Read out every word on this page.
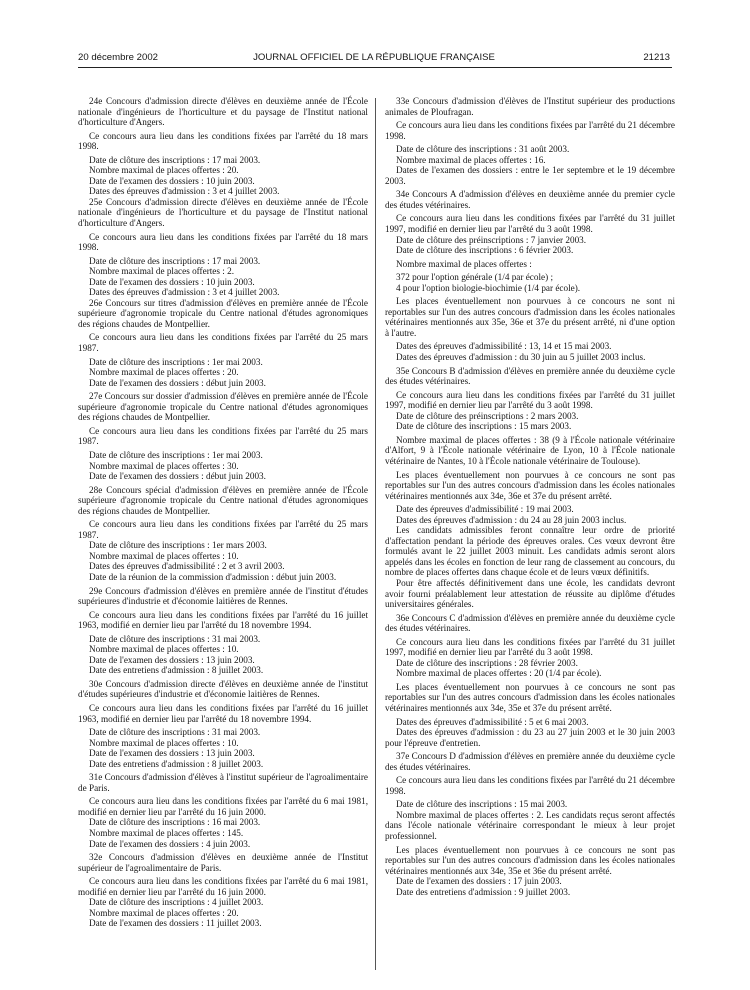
20 décembre 2002	JOURNAL OFFICIEL DE LA RÉPUBLIQUE FRANÇAISE	21213

24e Concours d'admission directe d'élèves en deuxième année de l'École nationale d'ingénieurs de l'horticulture et du paysage de l'Institut national d'horticulture d'Angers.

Ce concours aura lieu dans les conditions fixées par l'arrêté du 18 mars 1998.

Date de clôture des inscriptions : 17 mai 2003.

Nombre maximal de places offertes : 20.

Date de l'examen des dossiers : 10 juin 2003.

Dates des épreuves d'admission : 3 et 4 juillet 2003.

25e Concours d'admission directe d'élèves en deuxième année de l'École nationale d'ingénieurs de l'horticulture et du paysage de l'Institut national d'horticulture d'Angers.

Ce concours aura lieu dans les conditions fixées par l'arrêté du 18 mars 1998.

Date de clôture des inscriptions : 17 mai 2003.

Nombre maximal de places offertes : 2.

Date de l'examen des dossiers : 10 juin 2003.

Dates des épreuves d'admission : 3 et 4 juillet 2003.

26e Concours sur titres d'admission d'élèves en première année de l'École supérieure d'agronomie tropicale du Centre national d'études agronomiques des régions chaudes de Montpellier.

Ce concours aura lieu dans les conditions fixées par l'arrêté du 25 mars 1987.

Date de clôture des inscriptions : 1er mai 2003.

Nombre maximal de places offertes : 20.

Date de l'examen des dossiers : début juin 2003.

27e Concours sur dossier d'admission d'élèves en première année de l'École supérieure d'agronomie tropicale du Centre national d'études agronomiques des régions chaudes de Montpellier.

Ce concours aura lieu dans les conditions fixées par l'arrêté du 25 mars 1987.

Date de clôture des inscriptions : 1er mai 2003.

Nombre maximal de places offertes : 30.

Date de l'examen des dossiers : début juin 2003.

28e Concours spécial d'admission d'élèves en première année de l'École supérieure d'agronomie tropicale du Centre national d'études agronomiques des régions chaudes de Montpellier.

Ce concours aura lieu dans les conditions fixées par l'arrêté du 25 mars 1987.

Date de clôture des inscriptions : 1er mars 2003.

Nombre maximal de places offertes : 10.

Dates des épreuves d'admissibilité : 2 et 3 avril 2003.

Date de la réunion de la commission d'admission : début juin 2003.

29e Concours d'admission d'élèves en première année de l'institut d'études supérieures d'industrie et d'économie laitières de Rennes.

Ce concours aura lieu dans les conditions fixées par l'arrêté du 16 juillet 1963, modifié en dernier lieu par l'arrêté du 18 novembre 1994.

Date de clôture des inscriptions : 31 mai 2003.

Nombre maximal de places offertes : 10.

Date de l'examen des dossiers : 13 juin 2003.

Date des entretiens d'admission : 8 juillet 2003.

30e Concours d'admission directe d'élèves en deuxième année de l'institut d'études supérieures d'industrie et d'économie laitières de Rennes.

Ce concours aura lieu dans les conditions fixées par l'arrêté du 16 juillet 1963, modifié en dernier lieu par l'arrêté du 18 novembre 1994.

Date de clôture des inscriptions : 31 mai 2003.

Nombre maximal de places offertes : 10.

Date de l'examen des dossiers : 13 juin 2003.

Date des entretiens d'admission : 8 juillet 2003.

31e Concours d'admission d'élèves à l'institut supérieur de l'agroalimentaire de Paris.

Ce concours aura lieu dans les conditions fixées par l'arrêté du 6 mai 1981, modifié en dernier lieu par l'arrêté du 16 juin 2000.

Date de clôture des inscriptions : 16 mai 2003.

Nombre maximal de places offertes : 145.

Date de l'examen des dossiers : 4 juin 2003.

32e Concours d'admission d'élèves en deuxième année de l'Institut supérieur de l'agroalimentaire de Paris.

Ce concours aura lieu dans les conditions fixées par l'arrêté du 6 mai 1981, modifié en dernier lieu par l'arrêté du 16 juin 2000.

Date de clôture des inscriptions : 4 juillet 2003.

Nombre maximal de places offertes : 20.

Date de l'examen des dossiers : 11 juillet 2003.

33e Concours d'admission d'élèves de l'Institut supérieur des productions animales de Ploufragan.

Ce concours aura lieu dans les conditions fixées par l'arrêté du 21 décembre 1998.

Date de clôture des inscriptions : 31 août 2003.

Nombre maximal de places offertes : 16.

Dates de l'examen des dossiers : entre le 1er septembre et le 19 décembre 2003.

34e Concours A d'admission d'élèves en deuxième année du premier cycle des études vétérinaires.

Ce concours aura lieu dans les conditions fixées par l'arrêté du 31 juillet 1997, modifié en dernier lieu par l'arrêté du 3 août 1998.

Date de clôture des préinscriptions : 7 janvier 2003.

Date de clôture des inscriptions : 6 février 2003.

Nombre maximal de places offertes :

372 pour l'option générale (1/4 par école) ;

4 pour l'option biologie-biochimie (1/4 par école).

Les places éventuellement non pourvues à ce concours ne sont ni reportables sur l'un des autres concours d'admission dans les écoles nationales vétérinaires mentionnés aux 35e, 36e et 37e du présent arrêté, ni d'une option à l'autre.

Dates des épreuves d'admissibilité : 13, 14 et 15 mai 2003.

Dates des épreuves d'admission : du 30 juin au 5 juillet 2003 inclus.

35e Concours B d'admission d'élèves en première année du deuxième cycle des études vétérinaires.

Ce concours aura lieu dans les conditions fixées par l'arrêté du 31 juillet 1997, modifié en dernier lieu par l'arrêté du 3 août 1998.

Date de clôture des préinscriptions : 2 mars 2003.

Date de clôture des inscriptions : 15 mars 2003.

Nombre maximal de places offertes : 38 (9 à l'École nationale vétérinaire d'Alfort, 9 à l'École nationale vétérinaire de Lyon, 10 à l'École nationale vétérinaire de Nantes, 10 à l'École nationale vétérinaire de Toulouse).

Les places éventuellement non pourvues à ce concours ne sont pas reportables sur l'un des autres concours d'admission dans les écoles nationales vétérinaires mentionnés aux 34e, 36e et 37e du présent arrêté.

Date des épreuves d'admissibilité : 19 mai 2003.

Dates des épreuves d'admission : du 24 au 28 juin 2003 inclus.

Les candidats admissibles feront connaître leur ordre de priorité d'affectation pendant la période des épreuves orales. Ces vœux devront être formulés avant le 22 juillet 2003 minuit. Les candidats admis seront alors appelés dans les écoles en fonction de leur rang de classement au concours, du nombre de places offertes dans chaque école et de leurs vœux définitifs.

Pour être affectés définitivement dans une école, les candidats devront avoir fourni préalablement leur attestation de réussite au diplôme d'études universitaires générales.

36e Concours C d'admission d'élèves en première année du deuxième cycle des études vétérinaires.

Ce concours aura lieu dans les conditions fixées par l'arrêté du 31 juillet 1997, modifié en dernier lieu par l'arrêté du 3 août 1998.

Date de clôture des inscriptions : 28 février 2003.

Nombre maximal de places offertes : 20 (1/4 par école).

Les places éventuellement non pourvues à ce concours ne sont pas reportables sur l'un des autres concours d'admission dans les écoles nationales vétérinaires mentionnés aux 34e, 35e et 37e du présent arrêté.

Dates des épreuves d'admissibilité : 5 et 6 mai 2003.

Dates des épreuves d'admission : du 23 au 27 juin 2003 et le 30 juin 2003 pour l'épreuve d'entretien.

37e Concours D d'admission d'élèves en première année du deuxième cycle des études vétérinaires.

Ce concours aura lieu dans les conditions fixées par l'arrêté du 21 décembre 1998.

Date de clôture des inscriptions : 15 mai 2003.

Nombre maximal de places offertes : 2. Les candidats reçus seront affectés dans l'école nationale vétérinaire correspondant le mieux à leur projet professionnel.

Les places éventuellement non pourvues à ce concours ne sont pas reportables sur l'un des autres concours d'admission dans les écoles nationales vétérinaires mentionnés aux 34e, 35e et 36e du présent arrêté.

Date de l'examen des dossiers : 17 juin 2003.

Date des entretiens d'admission : 9 juillet 2003.
